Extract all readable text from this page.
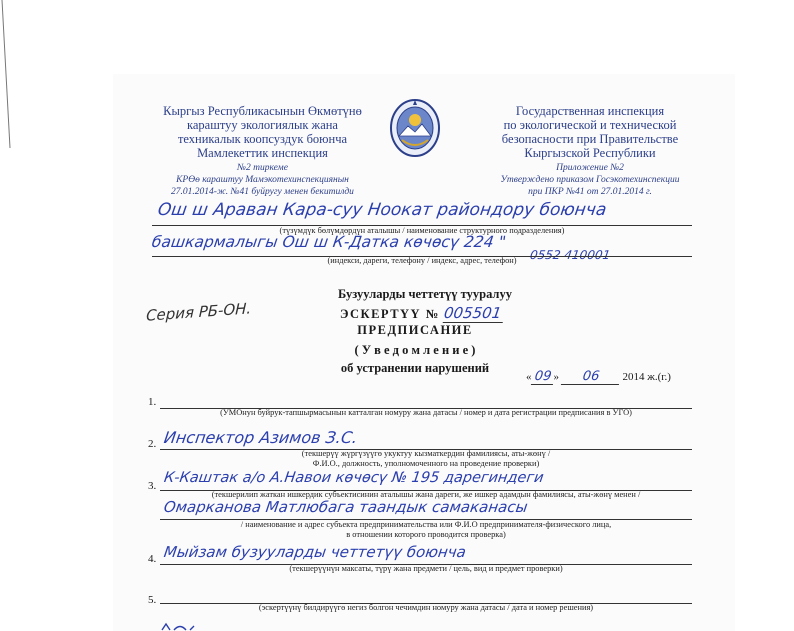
Кыргыз Республикасынын Өкмөтүнө
караштуу экологиялык жана
техникалык коопсуздук боюнча
Мамлекеттик инспекция
№2 тиркеме
КРӨө караштуу Мамэкотехинспекциянын
27.01.2014-ж. №41 буйругу менен бекитилди
Государственная инспекция
по экологической и технической
безопасности при Правительстве
Кыргызской Республики
Приложение №2
Утверждено приказом Госэкотехинспекции
при ПКР №41 от 27.01.2014 г.
Ош ш Араван Кара-суу Ноокат райондору боюнча
(түзүмдүк бөлүмдөрдүн аталышы / наименование структурного подразделения)
башкармалыгы Ош ш К-Датка көчөсү 224 "
0552 410001
(индекси, дареги, телефону / индекс, адрес, телефон)
Серия РБ-ОН.
Бузууларды четтетүү тууралуу
ЭСКЕРТҮҮ № 005501
ПРЕДПИСАНИЕ
( У в е д о м л е н и е )
об устранении нарушений
« 09 » 06 2014 ж.(г.)
1.
(УМОнун буйрук-тапшырмасынын катталган номуру жана датасы / номер и дата регистрации предписания в УГО)
2. Инспектор Азимов З.С.
(текшерүү жүргүзүүгө укуктуу кызматкердин фамилиясы, аты-жөнү /
Ф.И.О., должность, уполномоченного на проведение проверки)
3. К-Каштак а/о А.Навои көчөсү № 195 дарегиндеги
(текшерилип жаткан ишкердик субъектисинин аталышы жана дареги, же ишкер адамдын фамилиясы, аты-жөнү менен /
Омарканова Матлюбага таандык самаканасы
/ наименование и адрес субъекта предпринимательства или Ф.И.О предпринимателя-физического лица,
в отношении которого проводится проверка)
4. Мыйзам бузууларды четтетүү боюнча
(текшерүүнүн максаты, түрү жана предмети / цель, вид и предмет проверки)
5.
(эскертүүнү билдирүүгө негиз болгон чечимдин номуру жана датасы / дата и номер решения)
